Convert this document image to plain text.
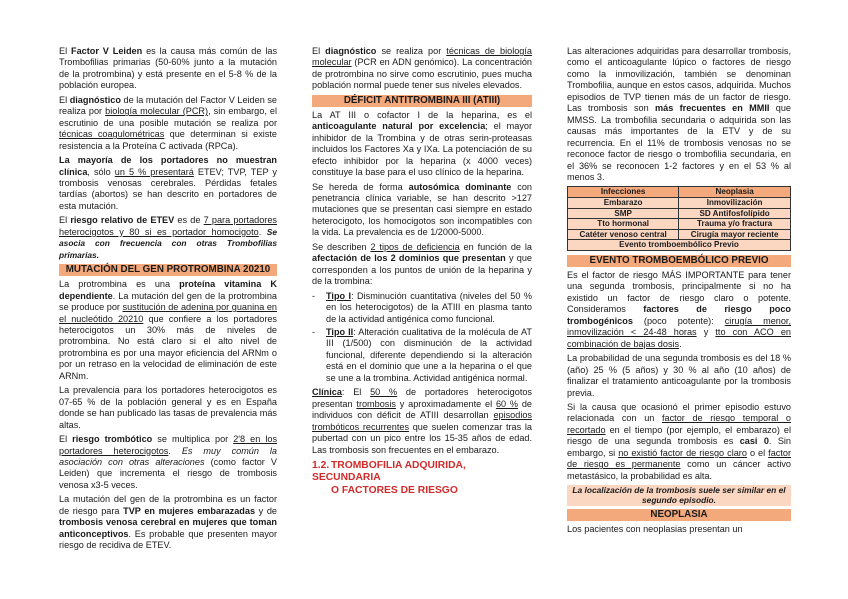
El Factor V Leiden es la causa más común de las Trombofilias primarias (50-60% junto a la mutación de la protrombina) y está presente en el 5-8 % de la población europea.

El diagnóstico de la mutación del Factor V Leiden se realiza por biología molecular (PCR), sin embargo, el escrutinio de una posible mutación se realiza por técnicas coagulométricas que determinan si existe resistencia a la Proteína C activada (RPCa).

La mayoría de los portadores no muestran clínica, sólo un 5 % presentará ETEV; TVP, TEP y trombosis venosas cerebrales. Pérdidas fetales tardías (abortos) se han descrito en portadores de esta mutación.

El riesgo relativo de ETEV es de 7 para portadores heterocigotos y 80 si es portador homocigoto. Se asocia con frecuencia con otras Trombofilias primarias.

MUTACIÓN DEL GEN PROTROMBINA 20210

La protrombina es una proteína vitamina K dependiente. La mutación del gen de la protrombina se produce por sustitución de adenina por guanina en el nucleótido 20210 que confiere a los portadores heterocigotos un 30% más de niveles de protrombina. No está claro si el alto nivel de protrombina es por una mayor eficiencia del ARNm o por un retraso en la velocidad de eliminación de este ARNm.

La prevalencia para los portadores heterocigotos es 07-65 % de la población general y es en España donde se han publicado las tasas de prevalencia más altas.

El riesgo trombótico se multiplica por 2'8 en los portadores heterocigotos. Es muy común la asociación con otras alteraciones (como factor V Leiden) que incrementa el riesgo de trombosis venosa x3-5 veces.

La mutación del gen de la protrombina es un factor de riesgo para TVP en mujeres embarazadas y de trombosis venosa cerebral en mujeres que toman anticonceptivos. Es probable que presenten mayor riesgo de recidiva de ETEV.

El diagnóstico se realiza por técnicas de biología molecular (PCR en ADN genómico). La concentración de protrombina no sirve como escrutinio, pues mucha población normal puede tener sus niveles elevados.

DÉFICIT ANTITROMBINA III (ATIII)

La AT III o cofactor I de la heparina, es el anticoagulante natural por excelencia; el mayor inhibidor de la Trombina y de otras serin-proteasas incluidos los Factores Xa y IXa. La potenciación de su efecto inhibidor por la heparina (x 4000 veces) constituye la base para el uso clínico de la heparina.

Se hereda de forma autosómica dominante con penetrancia clínica variable, se han descrito >127 mutaciones que se presentan casi siempre en estado heterocigoto, los homocigotos son incompatibles con la vida. La prevalencia es de 1/2000-5000.

Se describen 2 tipos de deficiencia en función de la afectación de los 2 dominios que presentan y que corresponden a los puntos de unión de la heparina y de la trombina:

- Tipo I: Disminución cuantitativa (niveles del 50 % en los heterocigotos) de la ATIII en plasma tanto de la actividad antigénica como funcional.
- Tipo II: Alteración cualitativa de la molécula de AT III (1/500) con disminución de la actividad funcional, diferente dependiendo si la alteración está en el dominio que une a la heparina o el que se une a la trombina. Actividad antigénica normal.

Clínica: El 50 % de portadores heterocigotos presentan trombosis y aproximadamente el 60 % de individuos con déficit de ATIII desarrollan episodios trombóticos recurrentes que suelen comenzar tras la pubertad con un pico entre los 15-35 años de edad. Las trombosis son frecuentes en el embarazo.

1.2. TROMBOFILIA ADQUIRIDA, SECUNDARIA
O FACTORES DE RIESGO

Las alteraciones adquiridas para desarrollar trombosis, como el anticoagulante lúpico o factores de riesgo como la inmovilización, también se denominan Trombofilia, aunque en estos casos, adquirida. Muchos episodios de TVP tienen más de un factor de riesgo. Las trombosis son más frecuentes en MMII que MMSS. La trombofilia secundaria o adquirida son las causas más importantes de la ETV y de su recurrencia. En el 11% de trombosis venosas no se reconoce factor de riesgo o trombofilia secundaria, en el 36% se reconocen 1-2 factores y en el 53 % al menos 3.

Infecciones	Neoplasia
Embarazo	Inmovilización
SMP	SD Antifosfolípido
Tto hormonal	Trauma y/o fractura
Catéter venoso central	Cirugía mayor reciente
Evento tromboembólico Previo	
EVENTO TROMBOEMBÓLICO PREVIO

Es el factor de riesgo MÁS IMPORTANTE para tener una segunda trombosis, principalmente si no ha existido un factor de riesgo claro o potente. Consideramos factores de riesgo poco trombogénicos (poco potente): cirugía menor, inmovilización < 24-48 horas y tto con ACO en combinación de bajas dosis.

La probabilidad de una segunda trombosis es del 18 % (año) 25 % (5 años) y 30 % al año (10 años) de finalizar el tratamiento anticoagulante por la trombosis previa.

Si la causa que ocasionó el primer episodio estuvo relacionada con un factor de riesgo temporal o recortado en el tiempo (por ejemplo, el embarazo) el riesgo de una segunda trombosis es casi 0. Sin embargo, si no existió factor de riesgo claro o el factor de riesgo es permanente como un cáncer activo metastásico, la probabilidad es alta.

La localización de la trombosis suele ser similar en el segundo episodio.
NEOPLASIA

Los pacientes con neoplasias presentan un
